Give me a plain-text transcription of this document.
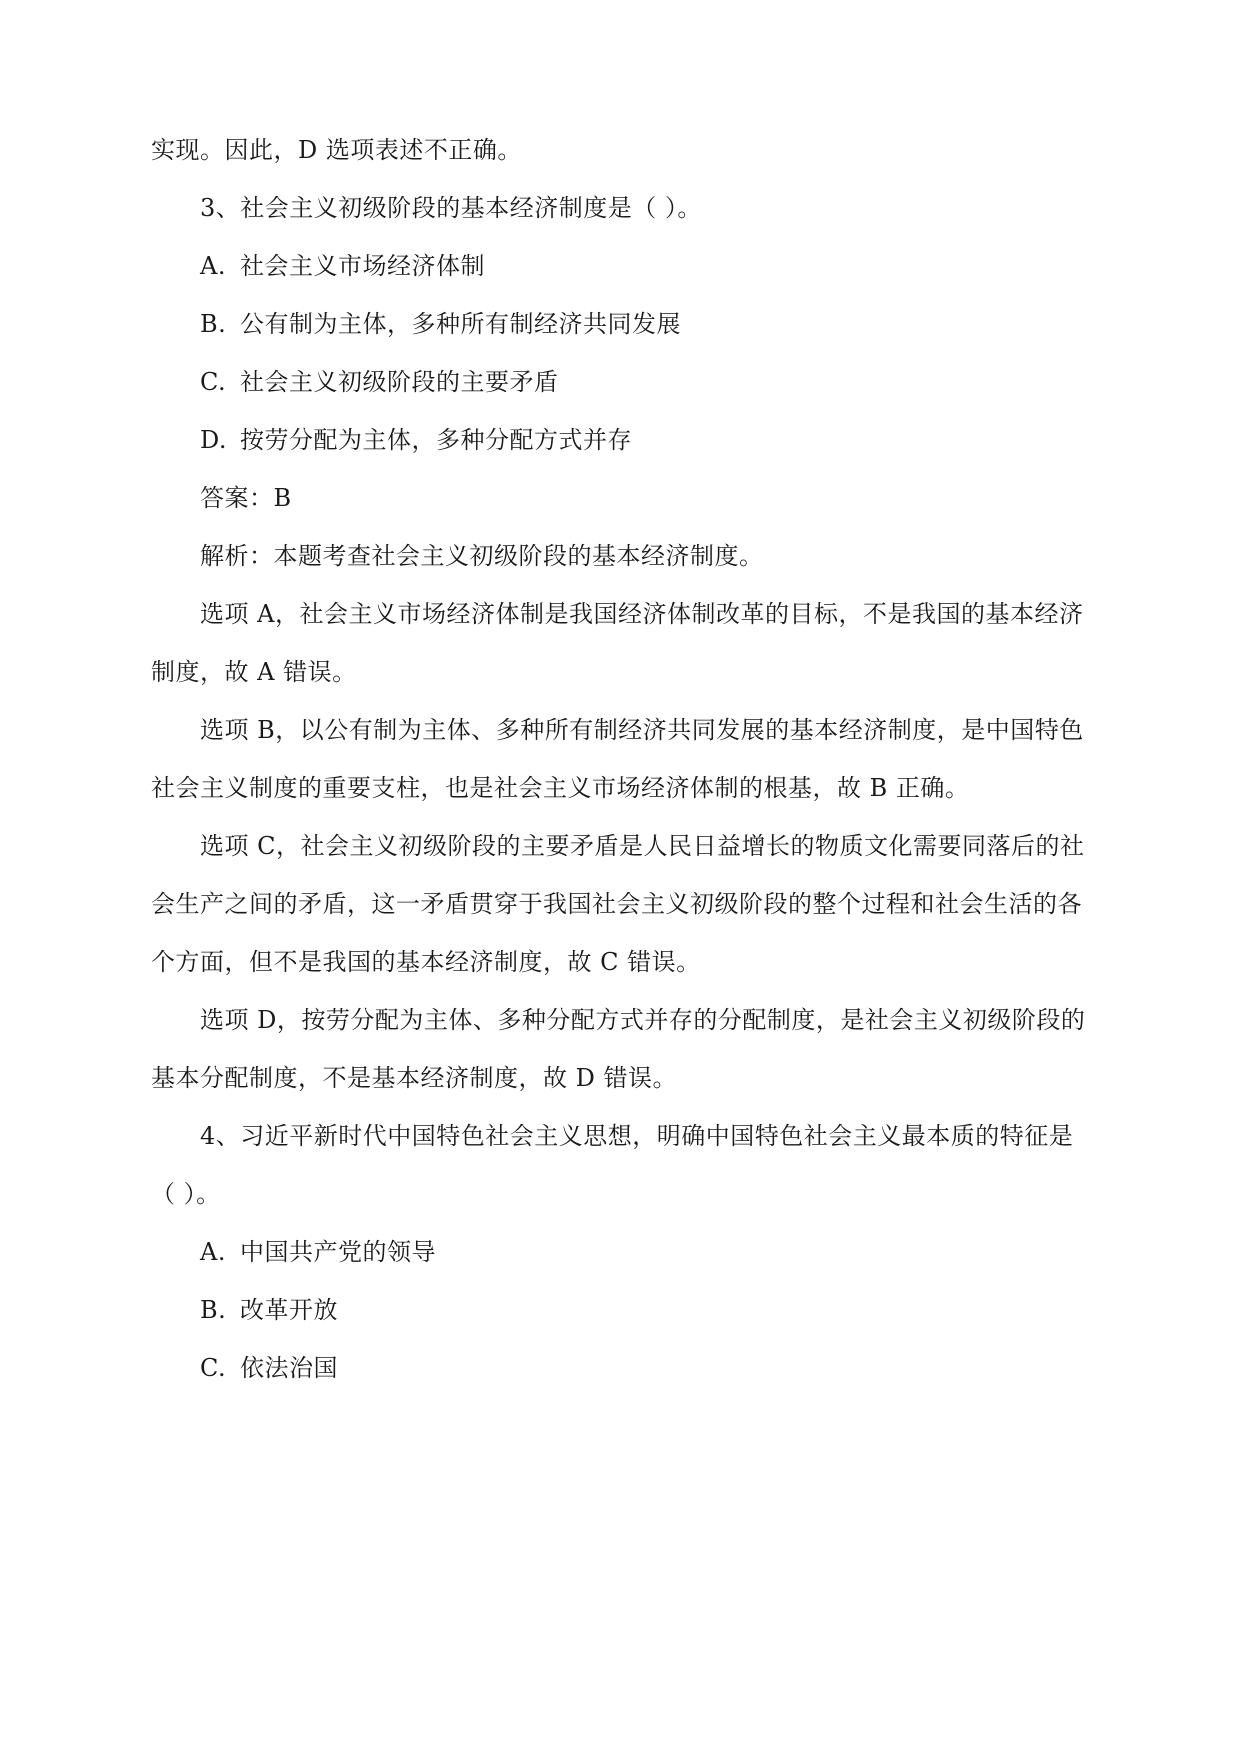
实现。因此，D 选项表述不正确。
3、社会主义初级阶段的基本经济制度是（ ）。
A. 社会主义市场经济体制
B. 公有制为主体，多种所有制经济共同发展
C. 社会主义初级阶段的主要矛盾
D. 按劳分配为主体，多种分配方式并存
答案：B
解析：本题考查社会主义初级阶段的基本经济制度。
选项 A，社会主义市场经济体制是我国经济体制改革的目标，不是我国的基本经济
制度，故 A 错误。
选项 B，以公有制为主体、多种所有制经济共同发展的基本经济制度，是中国特色
社会主义制度的重要支柱，也是社会主义市场经济体制的根基，故 B 正确。
选项 C，社会主义初级阶段的主要矛盾是人民日益增长的物质文化需要同落后的社
会生产之间的矛盾，这一矛盾贯穿于我国社会主义初级阶段的整个过程和社会生活的各
个方面，但不是我国的基本经济制度，故 C 错误。
选项 D，按劳分配为主体、多种分配方式并存的分配制度，是社会主义初级阶段的
基本分配制度，不是基本经济制度，故 D 错误。
4、习近平新时代中国特色社会主义思想，明确中国特色社会主义最本质的特征是
（ ）。
A. 中国共产党的领导
B. 改革开放
C. 依法治国
